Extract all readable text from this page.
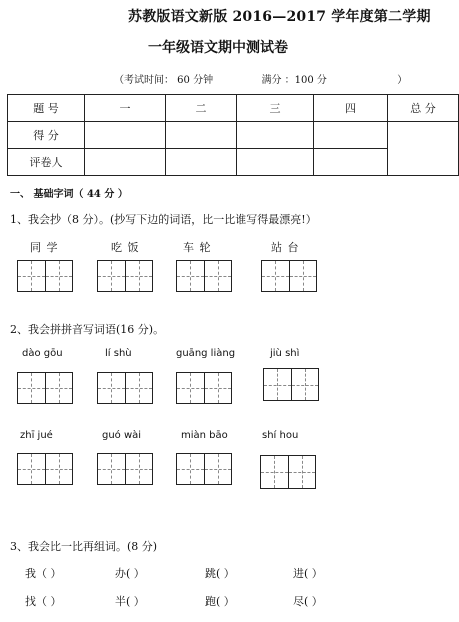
苏教版语文新版 2016—2017 学年度第二学期
一年级语文期中测试卷
（考试时间： 60 分钟	满分 ：100 分	）
题 号	一	二	三	四	总 分
得 分					
评卷人					
一、 基础字词（ 44 分 ）
1、我会抄（8 分）。(抄写下边的词语，比一比谁写得最漂亮!）
同 学	吃 饭	车 轮	站 台
2、我会拼拼音写词语(16 分)。
dào gōu	lí shù	guāng liàng	jiù shì
zhī jué	guó wài	miàn bāo	shí hou
3、我会比一比再组词。(8 分)
我（ ）	办( ）	跳( ）	进( ）
找（ ）	半( ）	跑( ）	尽( ）
